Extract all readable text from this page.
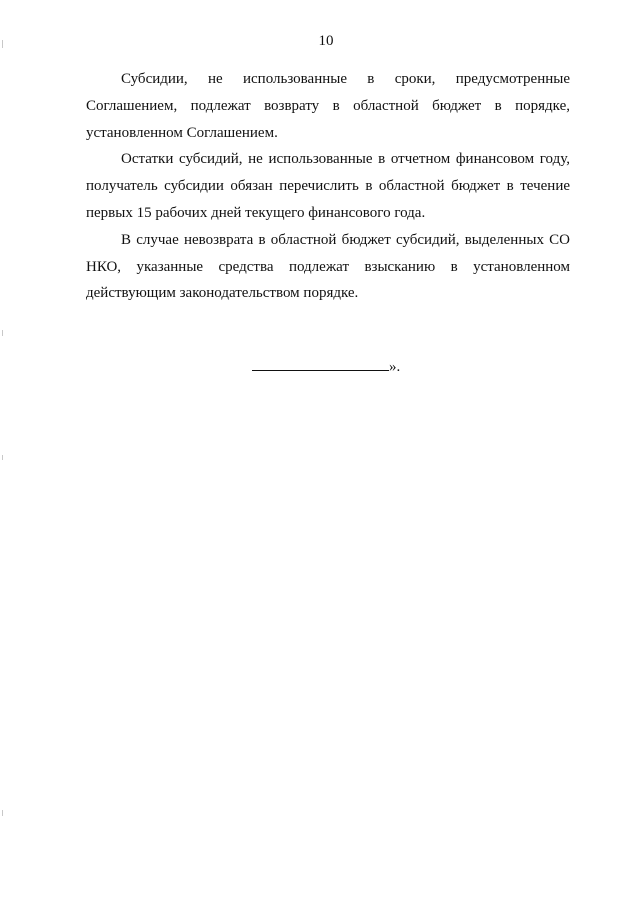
10

Субсидии, не использованные в сроки, предусмотренные Соглашением, подлежат возврату в областной бюджет в порядке, установленном Соглашением.

Остатки субсидий, не использованные в отчетном финансовом году, получатель субсидии обязан перечислить в областной бюджет в течение первых 15 рабочих дней текущего финансового года.

В случае невозврата в областной бюджет субсидий, выделенных СО НКО, указанные средства подлежат взысканию в установленном действующим законодательством порядке.

».
